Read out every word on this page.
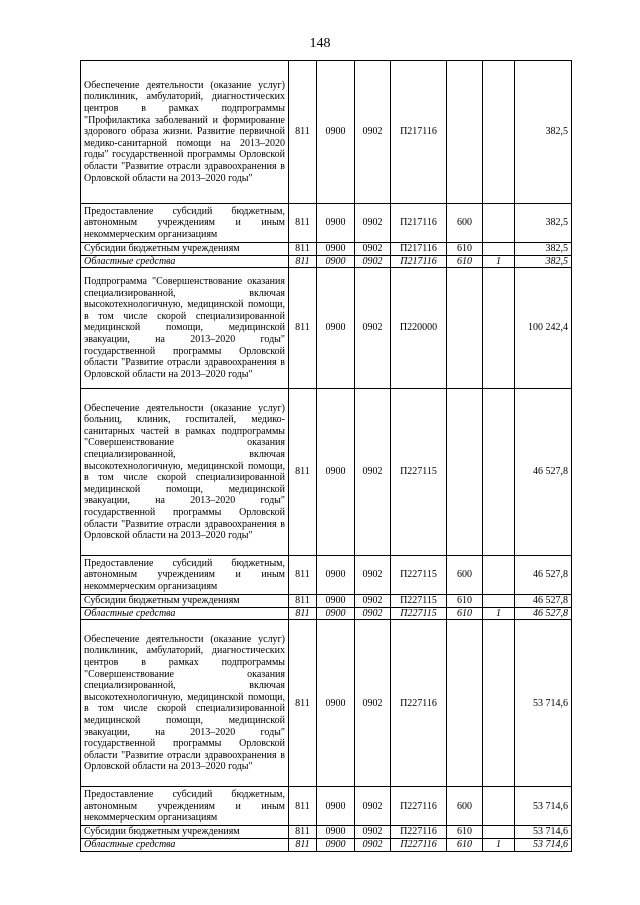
148
Обеспечение деятельности (оказание услуг) поликлиник, амбулаторий, диагностических центров в рамках подпрограммы "Профилактика заболеваний и формирование здорового образа жизни. Развитие первичной медико-санитарной помощи на 2013–2020 годы" государственной программы Орловской области "Развитие отрасли здравоохранения в Орловской области на 2013–2020 годы"	811	0900	0902	П217116			382,5
Предоставление субсидий бюджетным, автономным учреждениям и иным некоммерческим организациям	811	0900	0902	П217116	600		382,5
Субсидии бюджетным учреждениям	811	0900	0902	П217116	610		382,5
Областные средства	811	0900	0902	П217116	610	1	382,5
Подпрограмма "Совершенствование оказания специализированной, включая высокотехнологичную, медицинской помощи, в том числе скорой специализированной медицинской помощи, медицинской эвакуации, на 2013–2020 годы" государственной программы Орловской области "Развитие отрасли здравоохранения в Орловской области на 2013–2020 годы"	811	0900	0902	П220000			100 242,4
Обеспечение деятельности (оказание услуг) больниц, клиник, госпиталей, медико-санитарных частей в рамках подпрограммы "Совершенствование оказания специализированной, включая высокотехнологичную, медицинской помощи, в том числе скорой специализированной медицинской помощи, медицинской эвакуации, на 2013–2020 годы" государственной программы Орловской области "Развитие отрасли здравоохранения в Орловской области на 2013–2020 годы"	811	0900	0902	П227115			46 527,8
Предоставление субсидий бюджетным, автономным учреждениям и иным некоммерческим организациям	811	0900	0902	П227115	600		46 527,8
Субсидии бюджетным учреждениям	811	0900	0902	П227115	610		46 527,8
Областные средства	811	0900	0902	П227115	610	1	46 527,8
Обеспечение деятельности (оказание услуг) поликлиник, амбулаторий, диагностических центров в рамках подпрограммы "Совершенствование оказания специализированной, включая высокотехнологичную, медицинской помощи, в том числе скорой специализированной медицинской помощи, медицинской эвакуации, на 2013–2020 годы" государственной программы Орловской области "Развитие отрасли здравоохранения в Орловской области на 2013–2020 годы"	811	0900	0902	П227116			53 714,6
Предоставление субсидий бюджетным, автономным учреждениям и иным некоммерческим организациям	811	0900	0902	П227116	600		53 714,6
Субсидии бюджетным учреждениям	811	0900	0902	П227116	610		53 714,6
Областные средства	811	0900	0902	П227116	610	1	53 714,6
